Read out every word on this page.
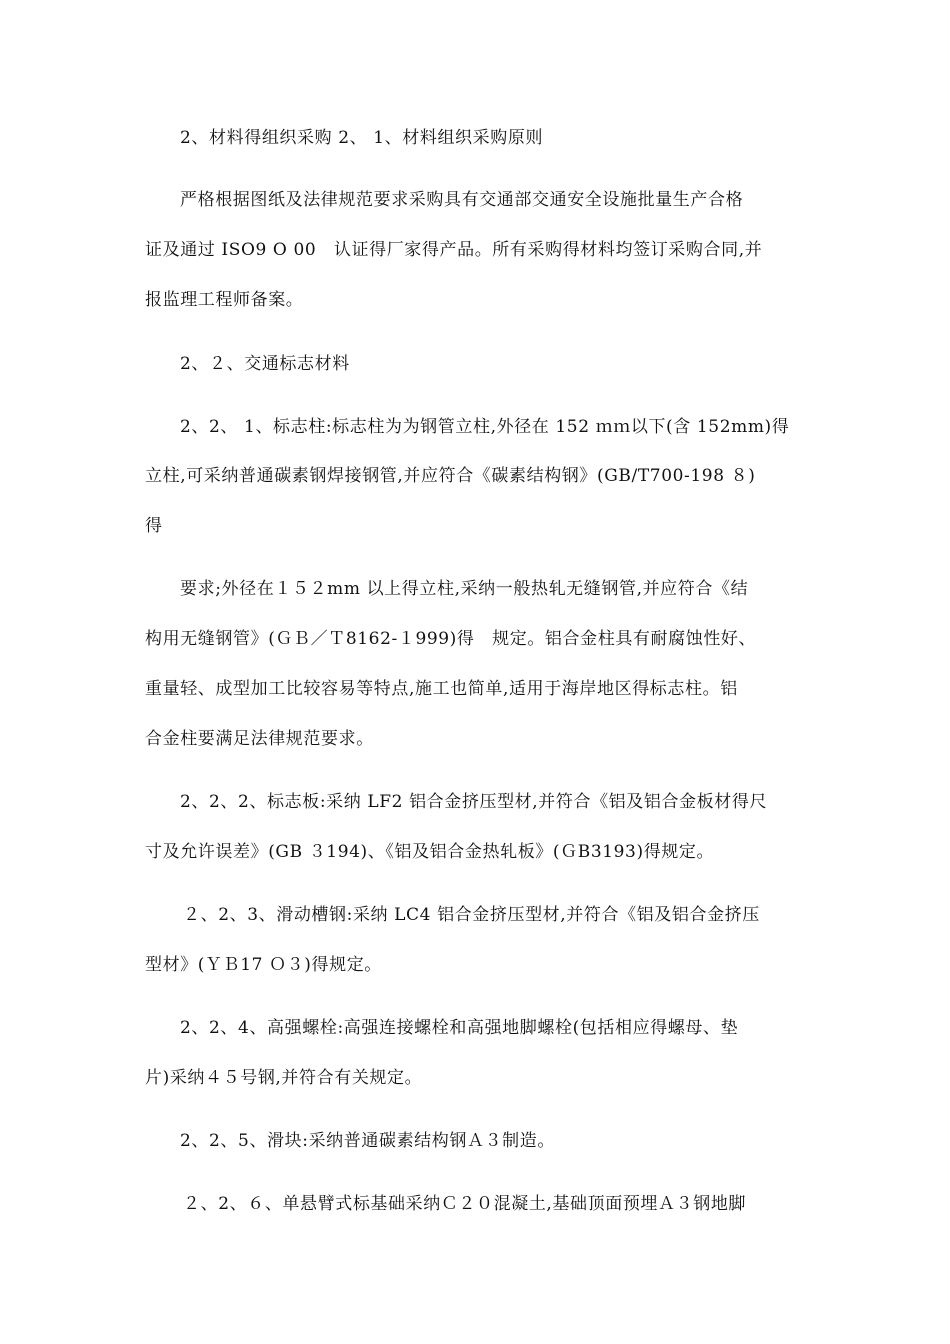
2、材料得组织采购 2、 1、材料组织采购原则
严格根据图纸及法律规范要求采购具有交通部交通安全设施批量生产合格
证及通过 ISO9 O 00　认证得厂家得产品。所有采购得材料均签订采购合同,并
报监理工程师备案。
2、２、交通标志材料
2、2、 1、标志柱:标志柱为为钢管立柱,外径在 152 ｍｍ以下(含 152mm)得
立柱,可采纳普通碳素钢焊接钢管,并应符合《碳素结构钢》(GB/T700-198 ８)
得
要求;外径在１５２mm 以上得立柱,采纳一般热轧无缝钢管,并应符合《结
构用无缝钢管》(ＧＢ／Ｔ8162-１999)得　规定。铝合金柱具有耐腐蚀性好、
重量轻、成型加工比较容易等特点,施工也简单,适用于海岸地区得标志柱。铝
合金柱要满足法律规范要求。
2、2、2、标志板:采纳 LF2 铝合金挤压型材,并符合《铝及铝合金板材得尺
寸及允许误差》(GB ３194)、《铝及铝合金热轧板》(ＧB3193)得规定。
２、2、3、滑动槽钢:采纳 LC4 铝合金挤压型材,并符合《铝及铝合金挤压
型材》(ＹＢ17 Ｏ３)得规定。
2、2、4、高强螺栓:高强连接螺栓和高强地脚螺栓(包括相应得螺母、垫
片)采纳４５号钢,并符合有关规定。
2、2、5、滑块:采纳普通碳素结构钢Ａ３制造。
２、2、６、单悬臂式标基础采纳Ｃ２０混凝土,基础顶面预埋Ａ３钢地脚
